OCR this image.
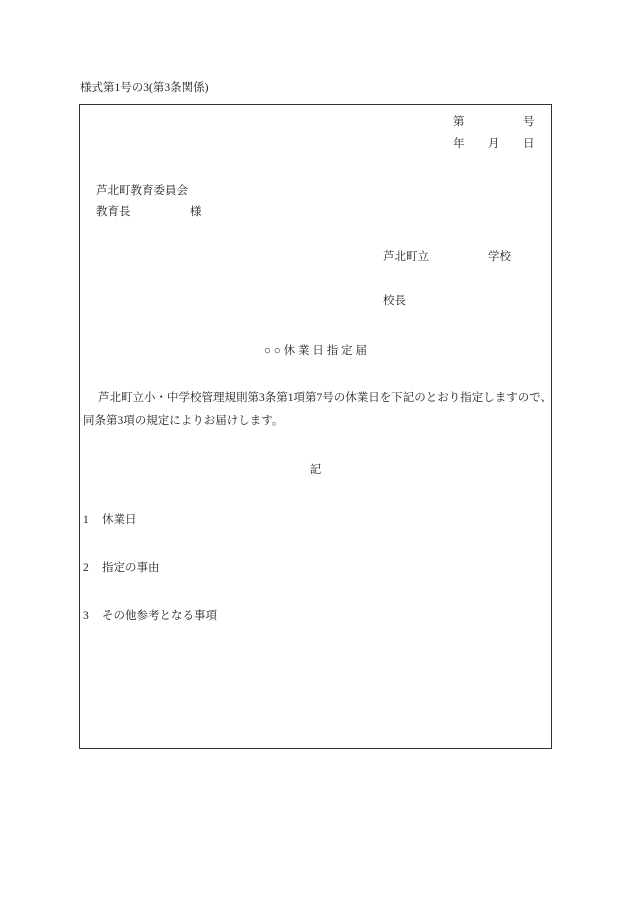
様式第1号の3(第3条関係)
第	号
年 月 日
芦北町教育委員会
教育長	様
芦北町立	学校
校長
○ ○ 休 業 日 指 定 届
芦北町立小・中学校管理規則第3条第1項第7号の休業日を下記のとおり指定しますので、
同条第3項の規定によりお届けします。
記
1 休業日
2 指定の事由
3 その他参考となる事項
